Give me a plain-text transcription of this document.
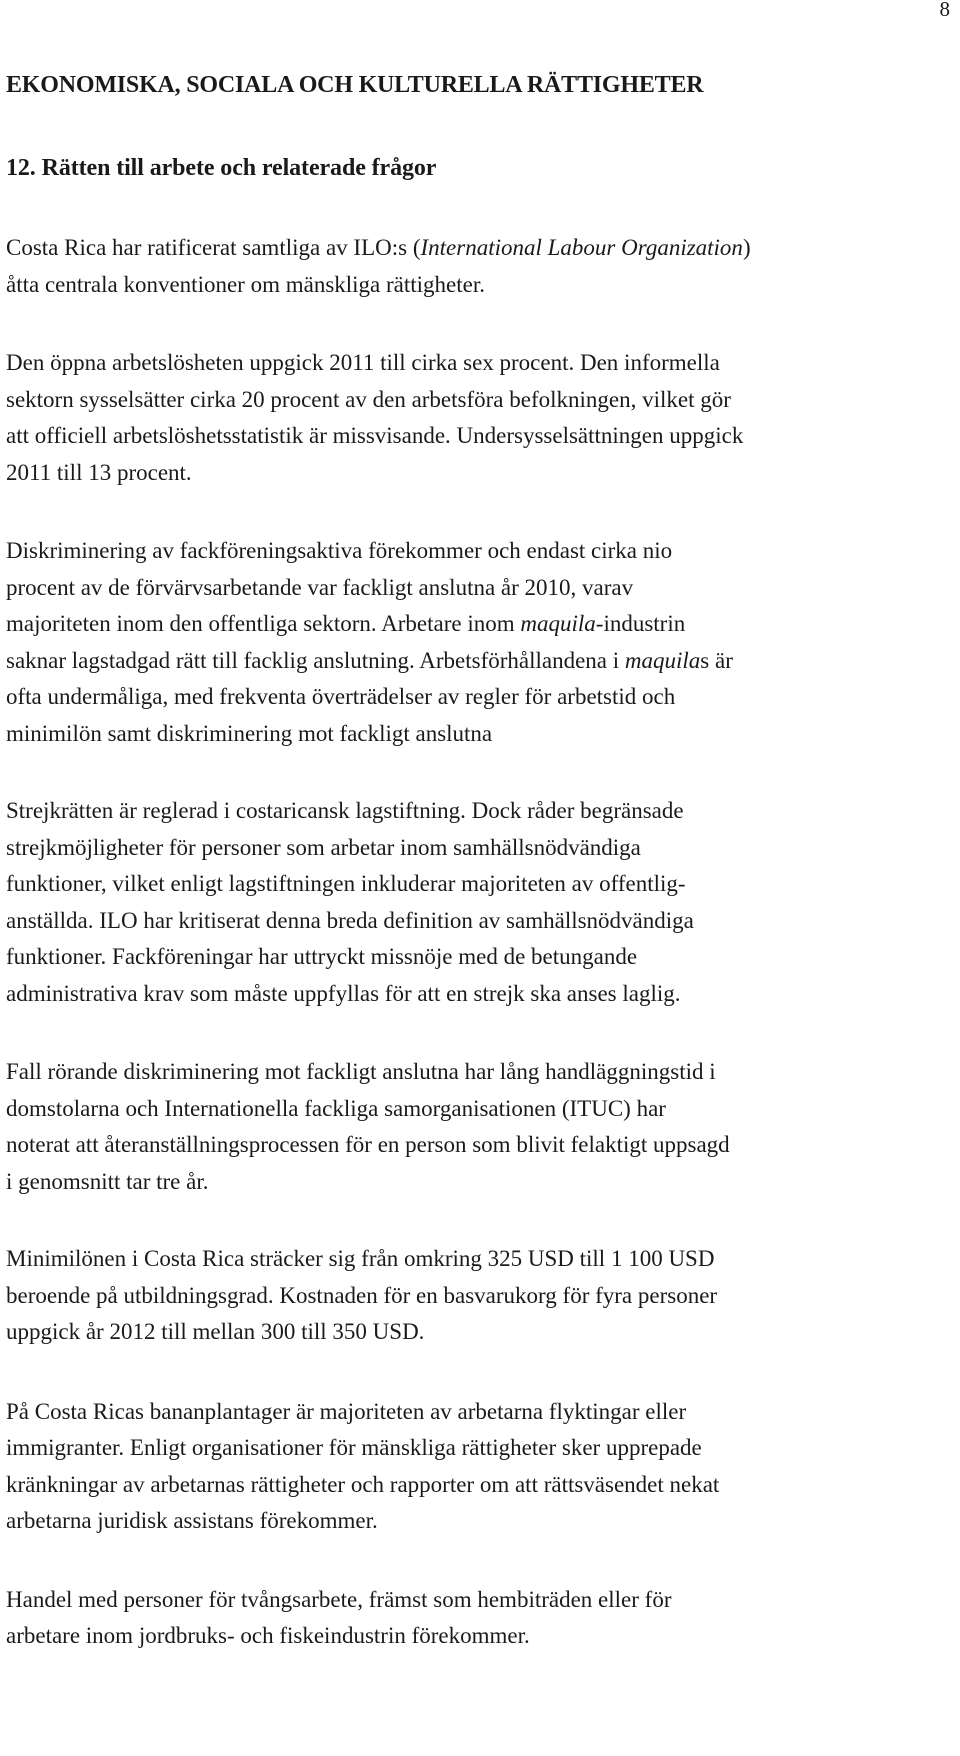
8
EKONOMISKA, SOCIALA OCH KULTURELLA RÄTTIGHETER
12. Rätten till arbete och relaterade frågor

Costa Rica har ratificerat samtliga av ILO:s (International Labour Organization)
åtta centrala konventioner om mänskliga rättigheter.

Den öppna arbetslösheten uppgick 2011 till cirka sex procent. Den informella
sektorn sysselsätter cirka 20 procent av den arbetsföra befolkningen, vilket gör
att officiell arbetslöshetsstatistik är missvisande. Undersysselsättningen uppgick
2011 till 13 procent.

Diskriminering av fackföreningsaktiva förekommer och endast cirka nio
procent av de förvärvsarbetande var fackligt anslutna år 2010, varav
majoriteten inom den offentliga sektorn. Arbetare inom maquila-industrin
saknar lagstadgad rätt till facklig anslutning. Arbetsförhållandena i maquilas är
ofta undermåliga, med frekventa överträdelser av regler för arbetstid och
minimilön samt diskriminering mot fackligt anslutna

Strejkrätten är reglerad i costaricansk lagstiftning. Dock råder begränsade
strejkmöjligheter för personer som arbetar inom samhällsnödvändiga
funktioner, vilket enligt lagstiftningen inkluderar majoriteten av offentlig-
anställda. ILO har kritiserat denna breda definition av samhällsnödvändiga
funktioner. Fackföreningar har uttryckt missnöje med de betungande
administrativa krav som måste uppfyllas för att en strejk ska anses laglig.

Fall rörande diskriminering mot fackligt anslutna har lång handläggningstid i
domstolarna och Internationella fackliga samorganisationen (ITUC) har
noterat att återanställningsprocessen för en person som blivit felaktigt uppsagd
i genomsnitt tar tre år.

Minimilönen i Costa Rica sträcker sig från omkring 325 USD till 1 100 USD
beroende på utbildningsgrad. Kostnaden för en basvarukorg för fyra personer
uppgick år 2012 till mellan 300 till 350 USD.

På Costa Ricas bananplantager är majoriteten av arbetarna flyktingar eller
immigranter. Enligt organisationer för mänskliga rättigheter sker upprepade
kränkningar av arbetarnas rättigheter och rapporter om att rättsväsendet nekat
arbetarna juridisk assistans förekommer.

Handel med personer för tvångsarbete, främst som hembiträden eller för
arbetare inom jordbruks- och fiskeindustrin förekommer.
